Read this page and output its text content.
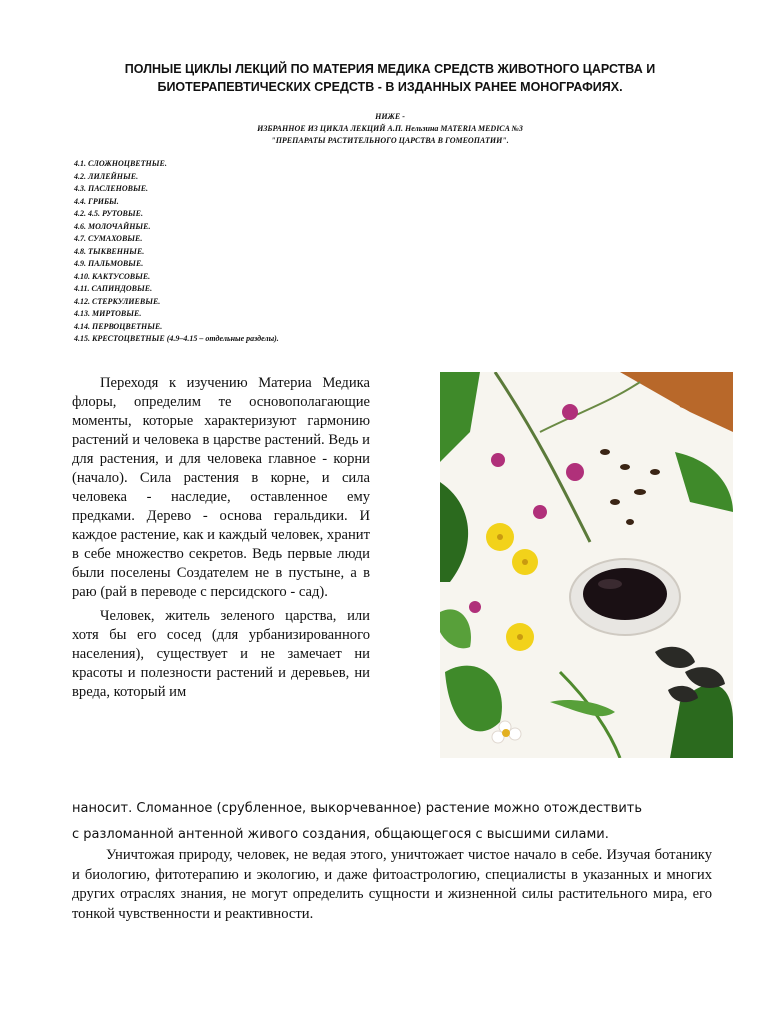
ПОЛНЫЕ ЦИКЛЫ ЛЕКЦИЙ ПО МАТЕРИЯ МЕДИКА СРЕДСТВ ЖИВОТНОГО ЦАРСТВА И
БИОТЕРАПЕВТИЧЕСКИХ СРЕДСТВ - В ИЗДАННЫХ РАНЕЕ МОНОГРАФИЯХ.
НИЖЕ -
ИЗБРАННОЕ ИЗ ЦИКЛА ЛЕКЦИЙ А.П. Нельзина MATERIA MEDICA №3
"ПРЕПАРАТЫ РАСТИТЕЛЬНОГО ЦАРСТВА В ГОМЕОПАТИИ".
4.1. СЛОЖНОЦВЕТНЫЕ.
4.2. ЛИЛЕЙНЫЕ.
4.3. ПАСЛЕНОВЫЕ.
4.4. ГРИБЫ.
4.2. 4.5. РУТОВЫЕ.
4.6. МОЛОЧАЙНЫЕ.
4.7. СУМАХОВЫЕ.
4.8. ТЫКВЕННЫЕ.
4.9. ПАЛЬМОВЫЕ.
4.10. КАКТУСОВЫЕ.
4.11. САПИНДОВЫЕ.
4.12. СТЕРКУЛИЕВЫЕ.
4.13. МИРТОВЫЕ.
4.14. ПЕРВОЦВЕТНЫЕ.
4.15. КРЕСТОЦВЕТНЫЕ (4.9–4.15 – отдельные разделы).

Переходя к изучению Материа Медика флоры, определим те основополагающие моменты, которые характеризуют гармонию растений и человека в царстве растений. Ведь и для растения, и для человека главное - корни (начало). Сила растения в корне, и сила человека - наследие, оставленное ему предками. Дерево - основа геральдики. И каждое растение, как и каждый человек, хранит в себе множество секретов. Ведь первые люди были поселены Создателем не в пустыне, а в раю (рай в переводе с персидского - сад).

Человек, житель зеленого царства, или хотя бы его сосед (для урбанизированного населения), существует и не замечает ни красоты и полезности растений и деревьев, ни вреда, который им

наносит. Сломанное (срубленное, выкорчеванное) растение можно отождествить
с разломанной антенной живого создания, общающегося с высшими силами.

Уничтожая природу, человек, не ведая этого, уничтожает чистое начало в себе. Изучая ботанику и биологию, фитотерапию и экологию, и даже фитоастрологию, специалисты в указанных и многих других отраслях знания, не могут определить сущности и жизненной силы растительного мира, его тонкой чувственности и реактивности.
